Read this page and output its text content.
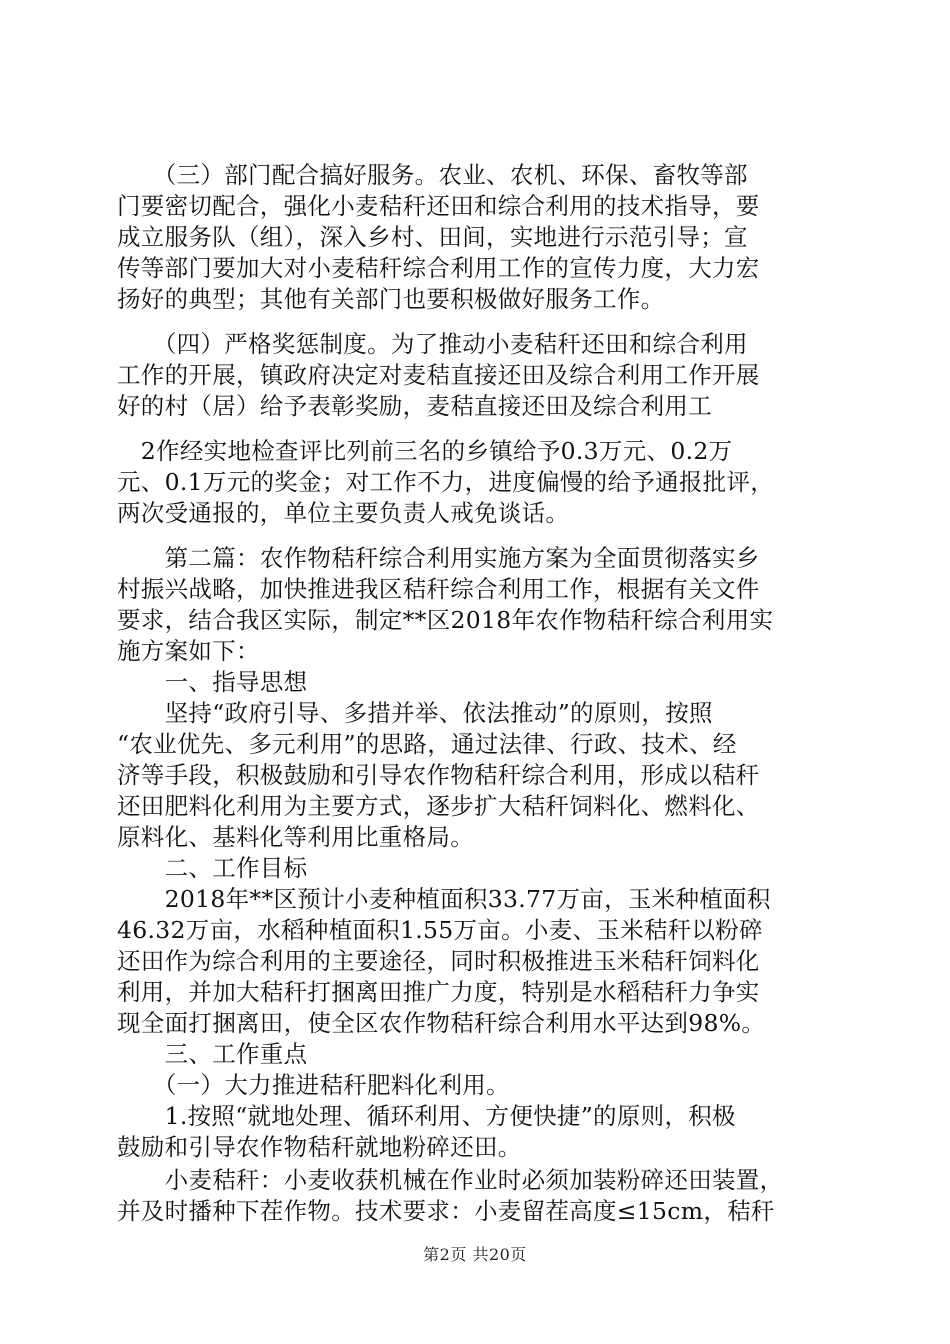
　　（三）部门配合搞好服务。农业、农机、环保、畜牧等部
门要密切配合，强化小麦秸秆还田和综合利用的技术指导，要
成立服务队（组），深入乡村、田间，实地进行示范引导；宣
传等部门要加大对小麦秸秆综合利用工作的宣传力度，大力宏
扬好的典型；其他有关部门也要积极做好服务工作。
　　（四）严格奖惩制度。为了推动小麦秸秆还田和综合利用
工作的开展，镇政府决定对麦秸直接还田及综合利用工作开展
好的村（居）给予表彰奖励，麦秸直接还田及综合利用工
　2作经实地检查评比列前三名的乡镇给予0.3万元、0.2万
元、0.1万元的奖金；对工作不力，进度偏慢的给予通报批评，
两次受通报的，单位主要负责人戒免谈话。
　　第二篇：农作物秸秆综合利用实施方案为全面贯彻落实乡
村振兴战略，加快推进我区秸秆综合利用工作，根据有关文件
要求，结合我区实际，制定**区2018年农作物秸秆综合利用实
施方案如下：
　　一、指导思想
　　坚持“政府引导、多措并举、依法推动”的原则，按照
“农业优先、多元利用”的思路，通过法律、行政、技术、经
济等手段，积极鼓励和引导农作物秸秆综合利用，形成以秸秆
还田肥料化利用为主要方式，逐步扩大秸秆饲料化、燃料化、
原料化、基料化等利用比重格局。
　　二、工作目标
　　2018年**区预计小麦种植面积33.77万亩，玉米种植面积
46.32万亩，水稻种植面积1.55万亩。小麦、玉米秸秆以粉碎
还田作为综合利用的主要途径，同时积极推进玉米秸秆饲料化
利用，并加大秸秆打捆离田推广力度，特别是水稻秸秆力争实
现全面打捆离田，使全区农作物秸秆综合利用水平达到98%。
　　三、工作重点
　　（一）大力推进秸秆肥料化利用。
　　1.按照“就地处理、循环利用、方便快捷”的原则，积极
鼓励和引导农作物秸秆就地粉碎还田。
　　小麦秸秆：小麦收获机械在作业时必须加装粉碎还田装置，
并及时播种下茬作物。技术要求：小麦留茬高度≤15cm，秸秆
第2页 共20页
